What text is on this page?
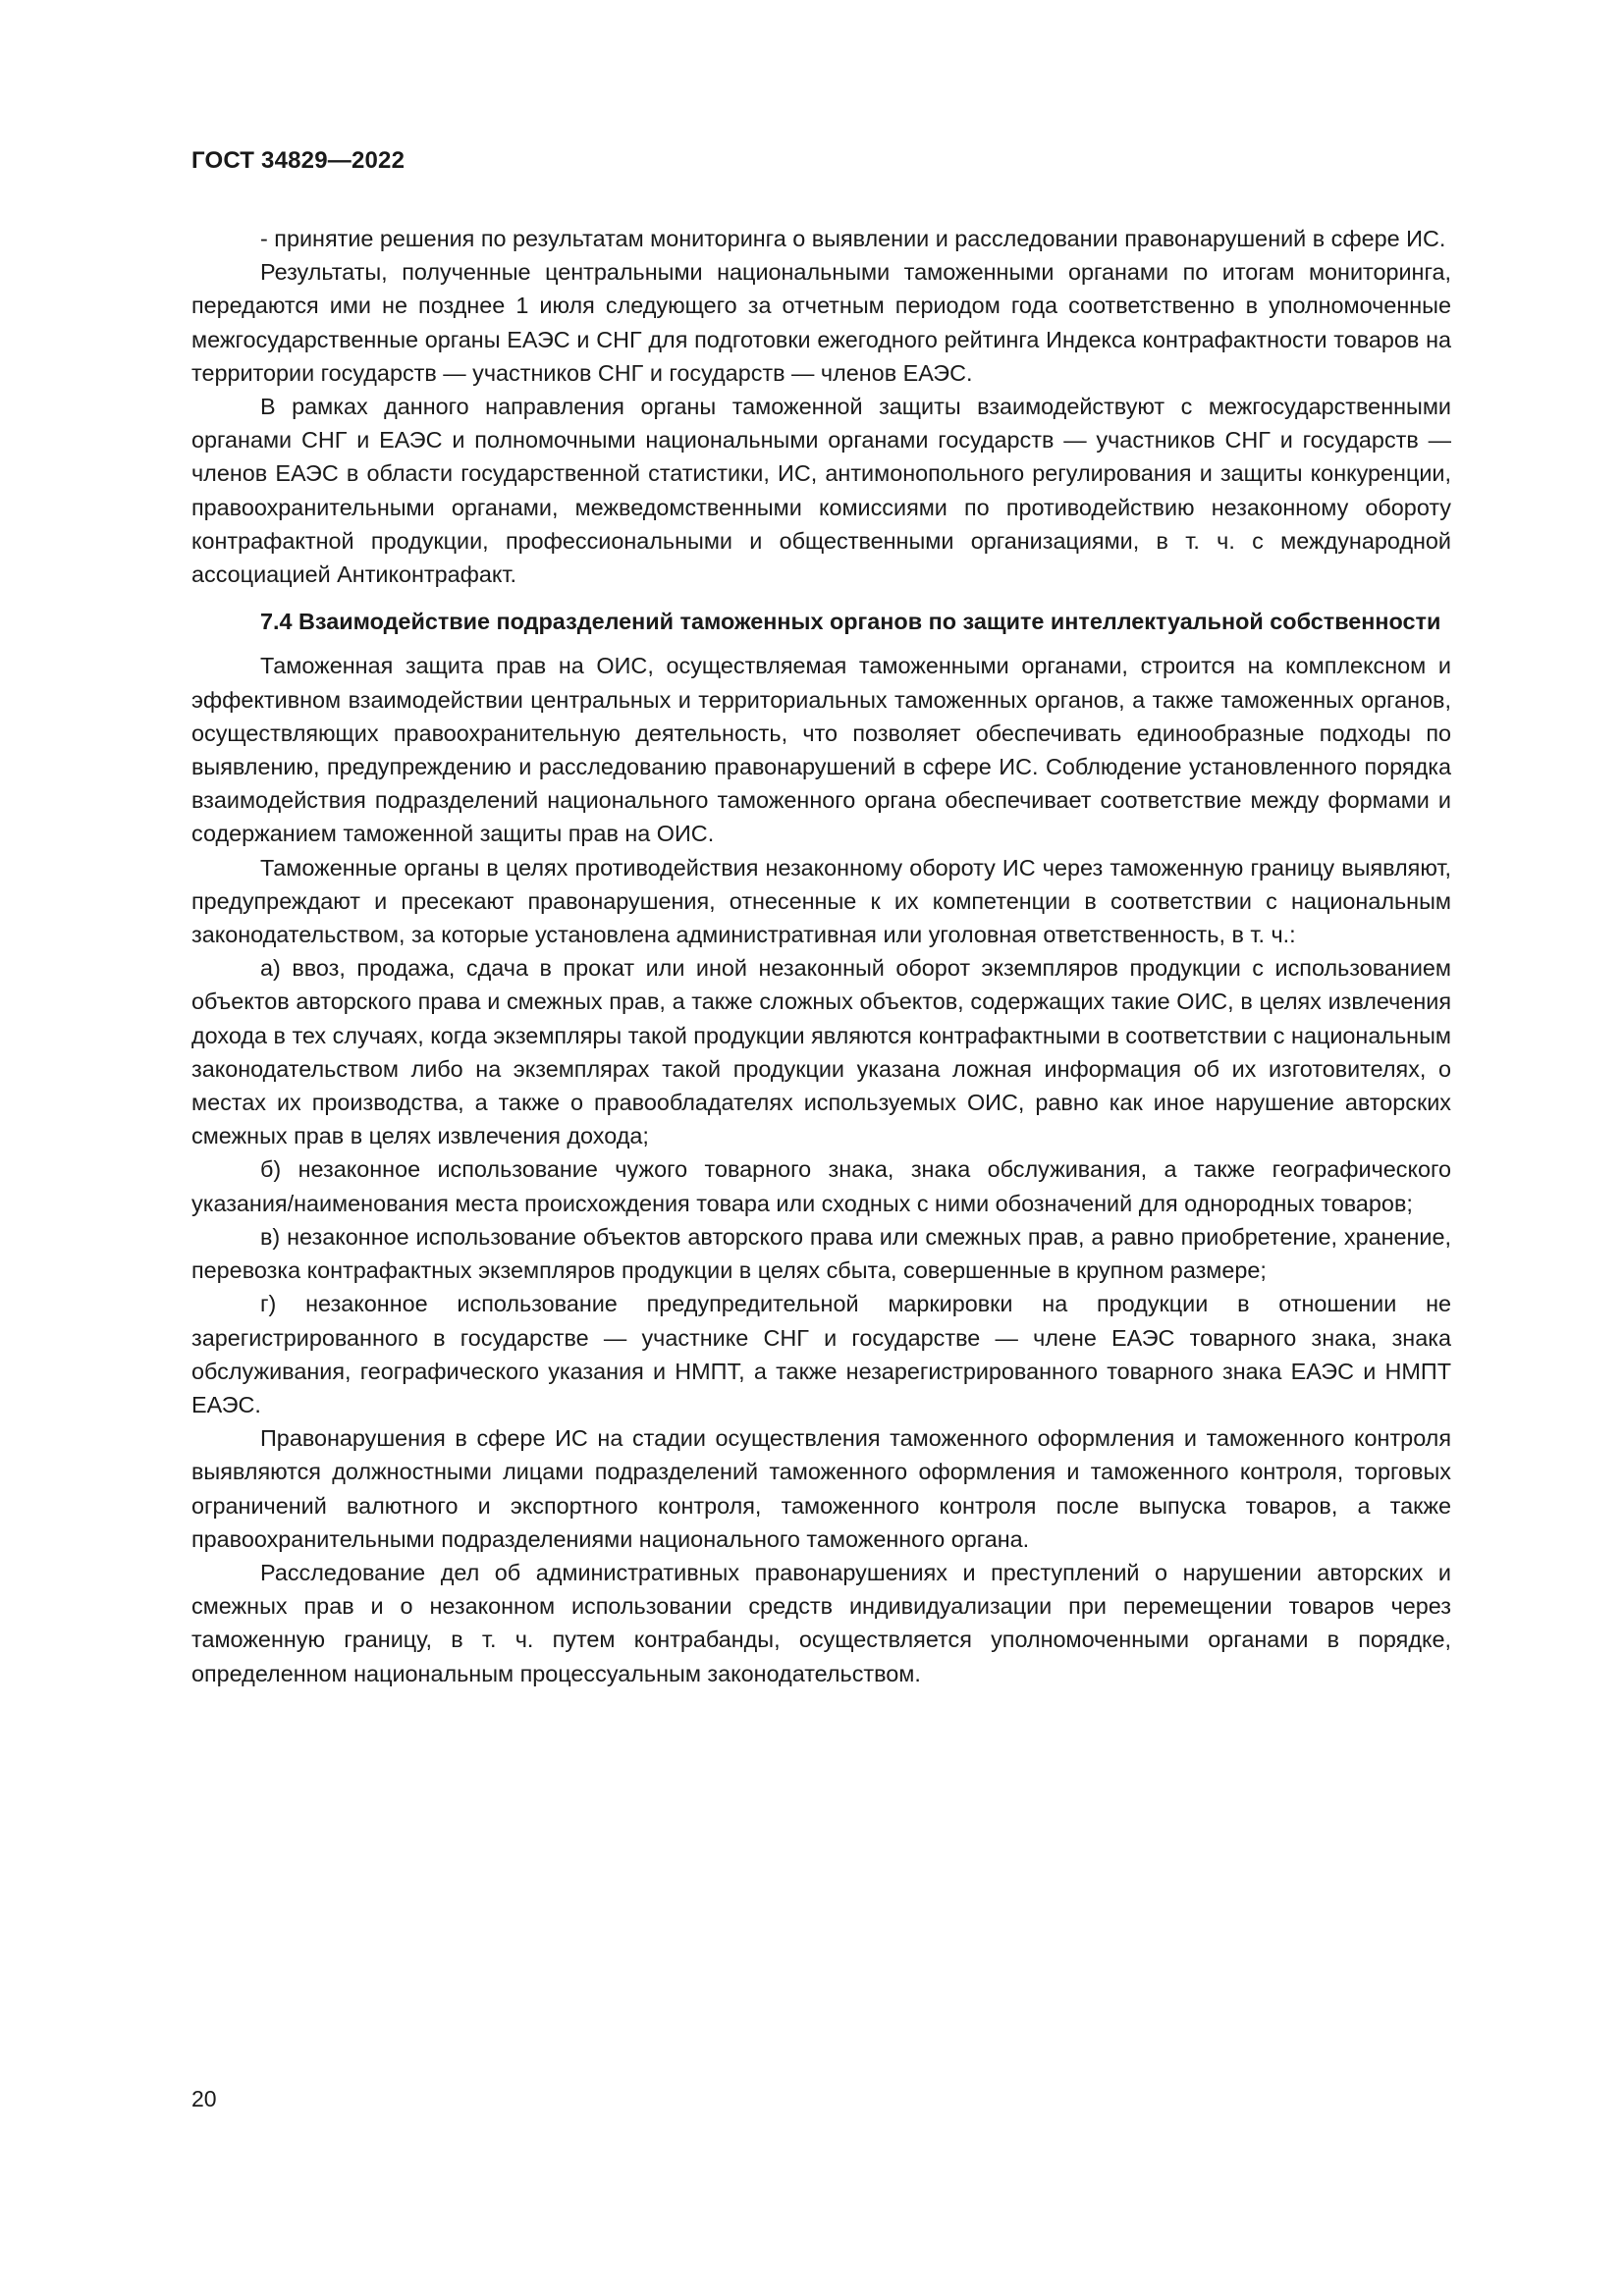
ГОСТ 34829—2022

- принятие решения по результатам мониторинга о выявлении и расследовании правонарушений в сфере ИС.

Результаты, полученные центральными национальными таможенными органами по итогам мониторинга, передаются ими не позднее 1 июля следующего за отчетным периодом года соответственно в уполномоченные межгосударственные органы ЕАЭС и СНГ для подготовки ежегодного рейтинга Индекса контрафактности товаров на территории государств — участников СНГ и государств — членов ЕАЭС.

В рамках данного направления органы таможенной защиты взаимодействуют с межгосударственными органами СНГ и ЕАЭС и полномочными национальными органами государств — участников СНГ и государств — членов ЕАЭС в области государственной статистики, ИС, антимонопольного регулирования и защиты конкуренции, правоохранительными органами, межведомственными комиссиями по противодействию незаконному обороту контрафактной продукции, профессиональными и общественными организациями, в т. ч. с международной ассоциацией Антиконтрафакт.

7.4 Взаимодействие подразделений таможенных органов по защите интеллектуальной собственности

Таможенная защита прав на ОИС, осуществляемая таможенными органами, строится на комплексном и эффективном взаимодействии центральных и территориальных таможенных органов, а также таможенных органов, осуществляющих правоохранительную деятельность, что позволяет обеспечивать единообразные подходы по выявлению, предупреждению и расследованию правонарушений в сфере ИС. Соблюдение установленного порядка взаимодействия подразделений национального таможенного органа обеспечивает соответствие между формами и содержанием таможенной защиты прав на ОИС.

Таможенные органы в целях противодействия незаконному обороту ИС через таможенную границу выявляют, предупреждают и пресекают правонарушения, отнесенные к их компетенции в соответствии с национальным законодательством, за которые установлена административная или уголовная ответственность, в т. ч.:

а) ввоз, продажа, сдача в прокат или иной незаконный оборот экземпляров продукции с использованием объектов авторского права и смежных прав, а также сложных объектов, содержащих такие ОИС, в целях извлечения дохода в тех случаях, когда экземпляры такой продукции являются контрафактными в соответствии с национальным законодательством либо на экземплярах такой продукции указана ложная информация об их изготовителях, о местах их производства, а также о правообладателях используемых ОИС, равно как иное нарушение авторских смежных прав в целях извлечения дохода;

б) незаконное использование чужого товарного знака, знака обслуживания, а также географического указания/наименования места происхождения товара или сходных с ними обозначений для однородных товаров;

в) незаконное использование объектов авторского права или смежных прав, а равно приобретение, хранение, перевозка контрафактных экземпляров продукции в целях сбыта, совершенные в крупном размере;

г) незаконное использование предупредительной маркировки на продукции в отношении не зарегистрированного в государстве — участнике СНГ и государстве — члене ЕАЭС товарного знака, знака обслуживания, географического указания и НМПТ, а также незарегистрированного товарного знака ЕАЭС и НМПТ ЕАЭС.

Правонарушения в сфере ИС на стадии осуществления таможенного оформления и таможенного контроля выявляются должностными лицами подразделений таможенного оформления и таможенного контроля, торговых ограничений валютного и экспортного контроля, таможенного контроля после выпуска товаров, а также правоохранительными подразделениями национального таможенного органа.

Расследование дел об административных правонарушениях и преступлений о нарушении авторских и смежных прав и о незаконном использовании средств индивидуализации при перемещении товаров через таможенную границу, в т. ч. путем контрабанды, осуществляется уполномоченными органами в порядке, определенном национальным процессуальным законодательством.

20
